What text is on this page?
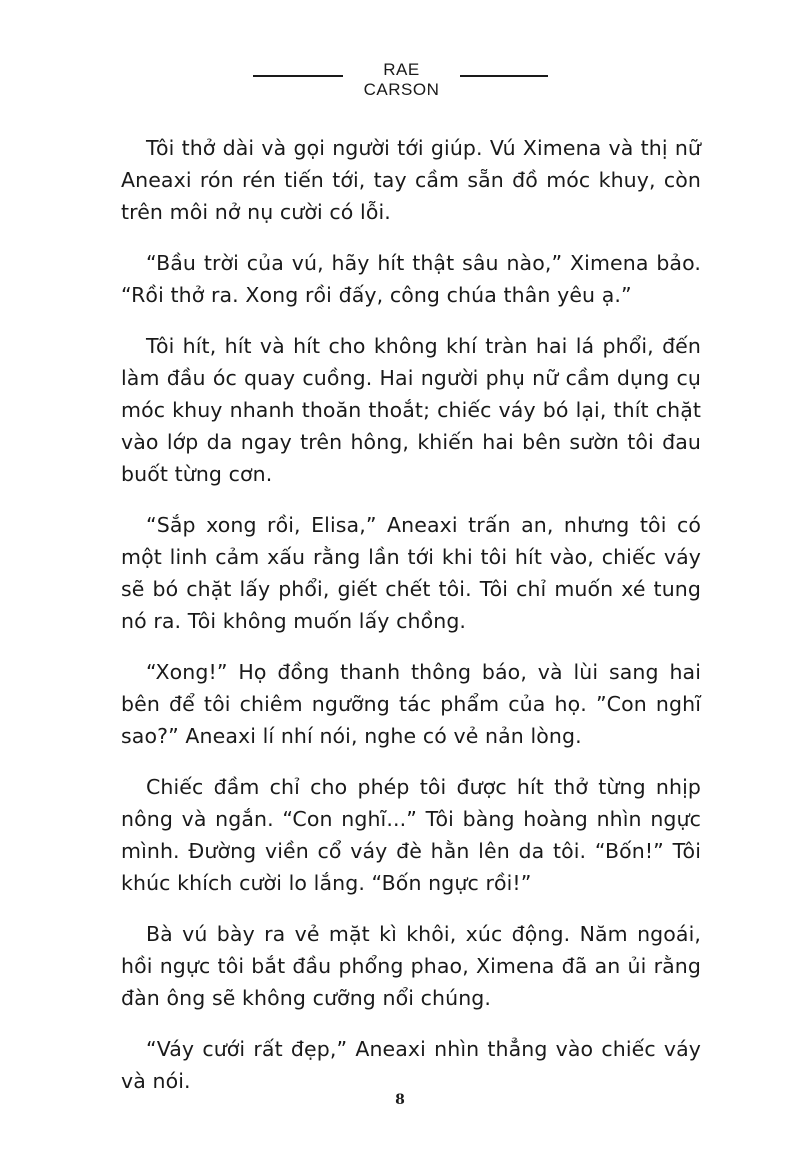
RAE CARSON

Tôi thở dài và gọi người tới giúp. Vú Ximena và thị nữ Aneaxi rón rén tiến tới, tay cầm sẵn đồ móc khuy, còn trên môi nở nụ cười có lỗi.

“Bầu trời của vú, hãy hít thật sâu nào,” Ximena bảo. “Rồi thở ra. Xong rồi đấy, công chúa thân yêu ạ.”

Tôi hít, hít và hít cho không khí tràn hai lá phổi, đến làm đầu óc quay cuồng. Hai người phụ nữ cầm dụng cụ móc khuy nhanh thoăn thoắt; chiếc váy bó lại, thít chặt vào lớp da ngay trên hông, khiến hai bên sườn tôi đau buốt từng cơn.

“Sắp xong rồi, Elisa,” Aneaxi trấn an, nhưng tôi có một linh cảm xấu rằng lần tới khi tôi hít vào, chiếc váy sẽ bó chặt lấy phổi, giết chết tôi. Tôi chỉ muốn xé tung nó ra. Tôi không muốn lấy chồng.

“Xong!” Họ đồng thanh thông báo, và lùi sang hai bên để tôi chiêm ngưỡng tác phẩm của họ. ”Con nghĩ sao?” Aneaxi lí nhí nói, nghe có vẻ nản lòng.

Chiếc đầm chỉ cho phép tôi được hít thở từng nhịp nông và ngắn. “Con nghĩ...” Tôi bàng hoàng nhìn ngực mình. Đường viền cổ váy đè hằn lên da tôi. “Bốn!” Tôi khúc khích cười lo lắng. “Bốn ngực rồi!”

Bà vú bày ra vẻ mặt kì khôi, xúc động. Năm ngoái, hồi ngực tôi bắt đầu phổng phao, Ximena đã an ủi rằng đàn ông sẽ không cưỡng nổi chúng.

“Váy cưới rất đẹp,” Aneaxi nhìn thẳng vào chiếc váy và nói.

8
